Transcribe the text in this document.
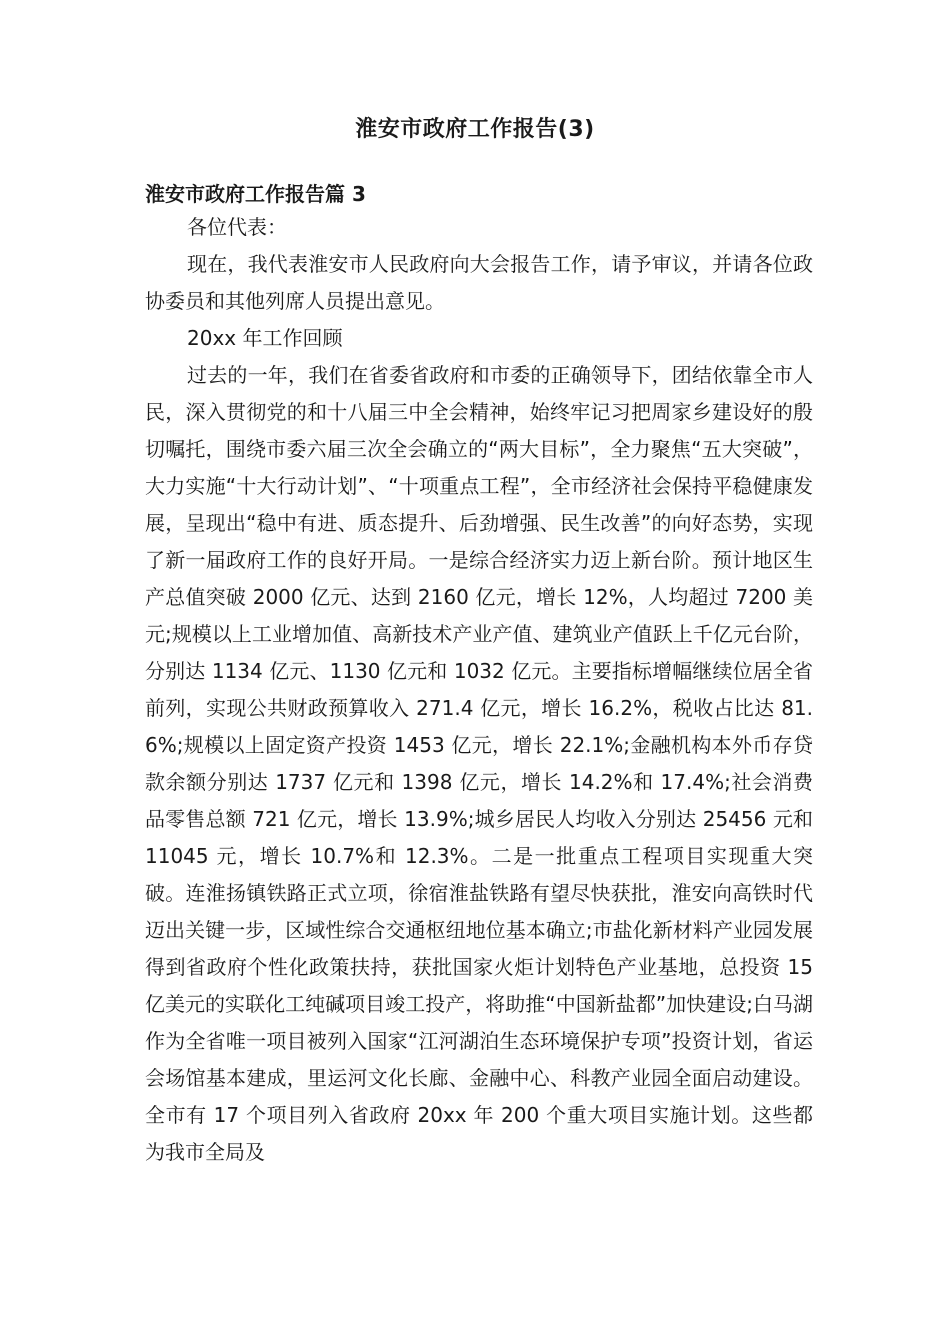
淮安市政府工作报告(3)
淮安市政府工作报告篇 3

各位代表：

现在，我代表淮安市人民政府向大会报告工作，请予审议，并请各位政协委员和其他列席人员提出意见。

20xx 年工作回顾

过去的一年，我们在省委省政府和市委的正确领导下，团结依靠全市人民，深入贯彻党的和十八届三中全会精神，始终牢记习把周家乡建设好的殷切嘱托，围绕市委六届三次全会确立的“两大目标”，全力聚焦“五大突破”，大力实施“十大行动计划”、“十项重点工程”，全市经济社会保持平稳健康发展，呈现出“稳中有进、质态提升、后劲增强、民生改善”的向好态势，实现了新一届政府工作的良好开局。一是综合经济实力迈上新台阶。预计地区生产总值突破 2000 亿元、达到 2160 亿元，增长 12%，人均超过 7200 美元;规模以上工业增加值、高新技术产业产值、建筑业产值跃上千亿元台阶，分别达 1134 亿元、1130 亿元和 1032 亿元。主要指标增幅继续位居全省前列，实现公共财政预算收入 271.4 亿元，增长 16.2%，税收占比达 81.6%;规模以上固定资产投资 1453 亿元，增长 22.1%;金融机构本外币存贷款余额分别达 1737 亿元和 1398 亿元，增长 14.2%和 17.4%;社会消费品零售总额 721 亿元，增长 13.9%;城乡居民人均收入分别达 25456 元和 11045 元，增长 10.7%和 12.3%。二是一批重点工程项目实现重大突破。连淮扬镇铁路正式立项，徐宿淮盐铁路有望尽快获批，淮安向高铁时代迈出关键一步，区域性综合交通枢纽地位基本确立;市盐化新材料产业园发展得到省政府个性化政策扶持，获批国家火炬计划特色产业基地，总投资 15 亿美元的实联化工纯碱项目竣工投产，将助推“中国新盐都”加快建设;白马湖作为全省唯一项目被列入国家“江河湖泊生态环境保护专项”投资计划，省运会场馆基本建成，里运河文化长廊、金融中心、科教产业园全面启动建设。全市有 17 个项目列入省政府 20xx 年 200 个重大项目实施计划。这些都为我市全局及
